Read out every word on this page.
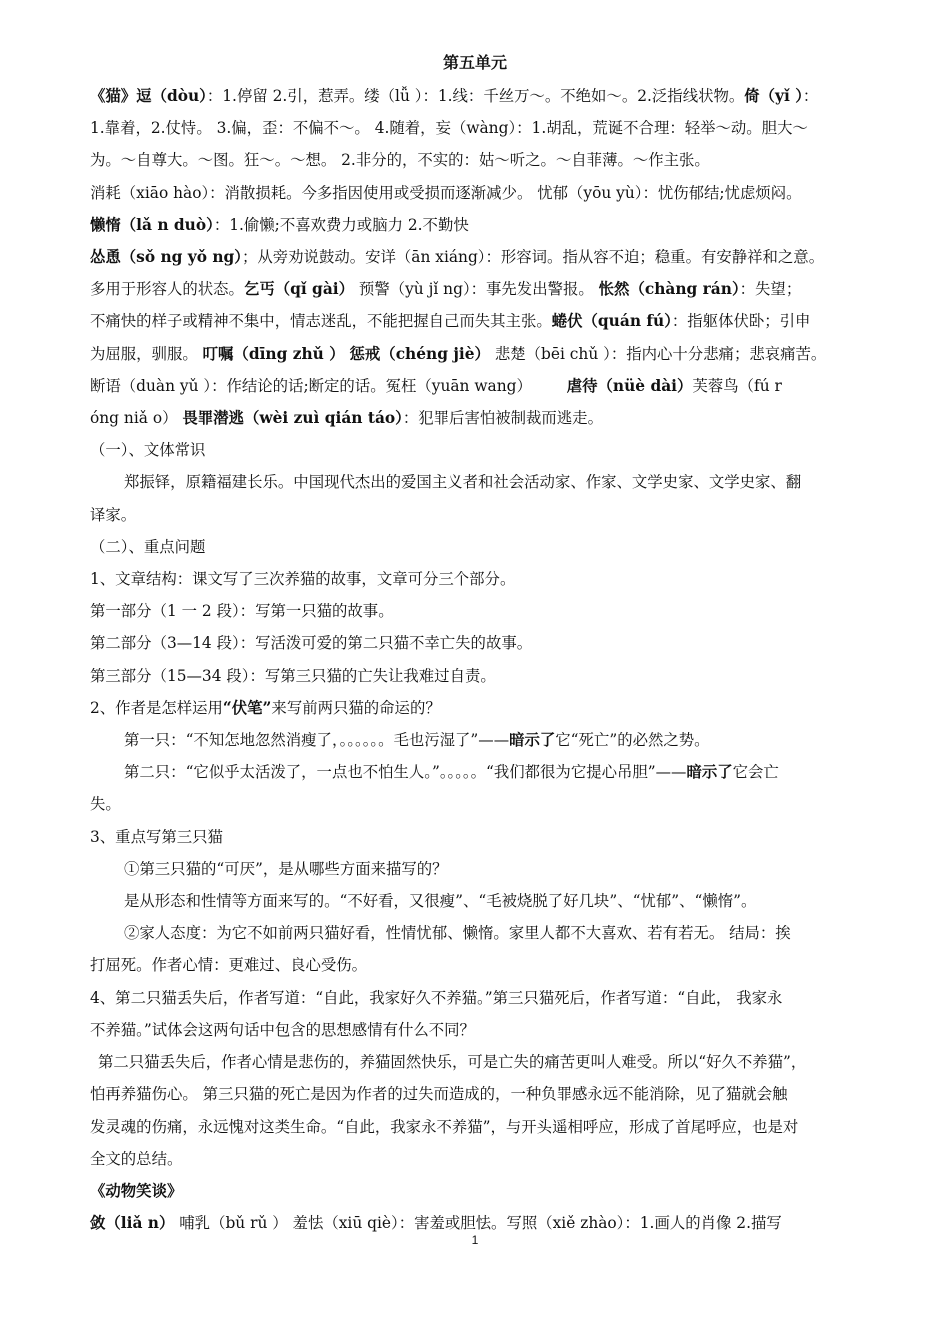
第五单元

《猫》逗（dòu）：1.停留 2.引，惹弄。缕（lǚ ）：1.线：千丝万～。不绝如～。2.泛指线状物。倚（yǐ ）：

1.靠着，2.仗恃。 3.偏，歪：不偏不～。 4.随着，妄（wàng）：1.胡乱，荒诞不合理：轻举～动。胆大～

为。～自尊大。～图。狂～。～想。 2.非分的，不实的：姑～听之。～自菲薄。～作主张。

消耗（xiāo hào）：消散损耗。今多指因使用或受损而逐渐减少。 忧郁（yōu yù）：忧伤郁结;忧虑烦闷。

懒惰（lǎ n duò）：1.偷懒;不喜欢费力或脑力 2.不勤快

怂恿（sǒ ng yǒ ng）；从旁劝说鼓动。安详（ān xiáng）：形容词。指从容不迫；稳重。有安静祥和之意。

多用于形容人的状态。乞丐（qǐ gài） 预警（yù jǐ ng）：事先发出警报。 怅然（chàng rán）：失望；

不痛快的样子或精神不集中，情志迷乱，不能把握自己而失其主张。蜷伏（quán fú）：指躯体伏卧；引申

为屈服，驯服。 叮嘱（dīng zhǔ ） 惩戒（chéng jiè） 悲楚（bēi chǔ ）：指内心十分悲痛；悲哀痛苦。

断语（duàn yǔ ）：作结论的话;断定的话。冤枉（yuān wang） 虐待（nüè dài）芙蓉鸟（fú r

óng niǎ o） 畏罪潜逃（wèi zuì qián táo）：犯罪后害怕被制裁而逃走。

（一）、文体常识

郑振铎，原籍福建长乐。中国现代杰出的爱国主义者和社会活动家、作家、文学史家、文学史家、翻

译家。

（二）、重点问题

1、文章结构：课文写了三次养猫的故事，文章可分三个部分。

第一部分（1 一 2 段）：写第一只猫的故事。

第二部分（3—14 段）：写活泼可爱的第二只猫不幸亡失的故事。

第三部分（15—34 段）：写第三只猫的亡失让我难过自责。

2、作者是怎样运用“伏笔”来写前两只猫的命运的？

第一只：“不知怎地忽然消瘦了，。。。。。。毛也污湿了”——暗示了它“死亡”的必然之势。

第二只：“它似乎太活泼了，一点也不怕生人。”。。。。。“我们都很为它提心吊胆”——暗示了它会亡

失。

3、重点写第三只猫

①第三只猫的“可厌”，是从哪些方面来描写的？

是从形态和性情等方面来写的。“不好看，又很瘦”、“毛被烧脱了好几块”、“忧郁”、“懒惰”。

②家人态度：为它不如前两只猫好看，性情忧郁、懒惰。家里人都不大喜欢、若有若无。 结局：挨

打屈死。作者心情：更难过、良心受伤。

4、第二只猫丢失后，作者写道：“自此，我家好久不养猫。”第三只猫死后，作者写道：“自此， 我家永

不养猫。”试体会这两句话中包含的思想感情有什么不同？

第二只猫丢失后，作者心情是悲伤的，养猫固然快乐，可是亡失的痛苦更叫人难受。所以“好久不养猫”，

怕再养猫伤心。 第三只猫的死亡是因为作者的过失而造成的，一种负罪感永远不能消除，见了猫就会触

发灵魂的伤痛，永远愧对这类生命。“自此，我家永不养猫”，与开头遥相呼应，形成了首尾呼应，也是对

全文的总结。

《动物笑谈》

敛（liǎ n） 哺乳（bǔ rǔ ） 羞怯（xiū qiè）：害羞或胆怯。写照（xiě zhào）：1.画人的肖像 2.描写

1
